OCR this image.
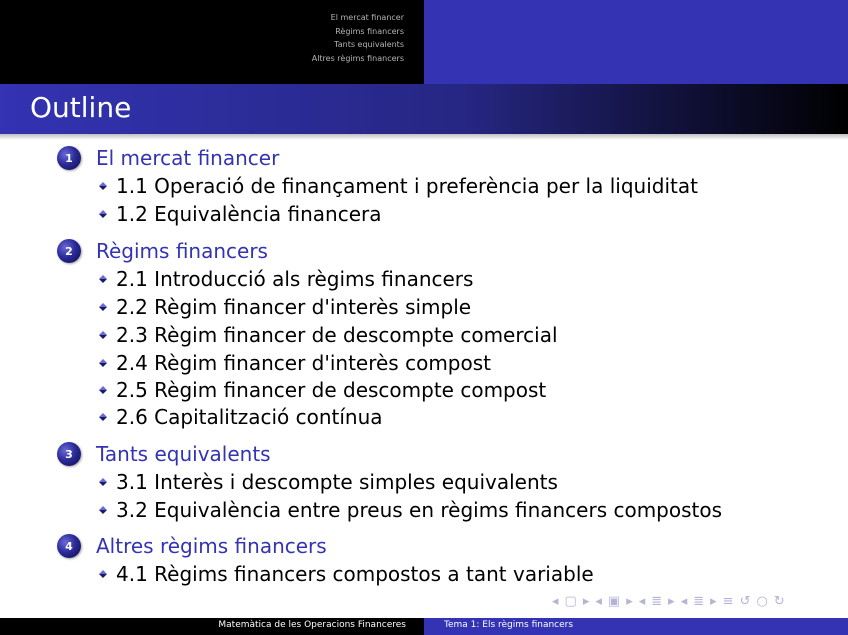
El mercat financer
Règims financers
Tants equivalents
Altres règims financers
Outline
1	El mercat financer
1.1 Operació de finançament i preferència per la liquiditat
1.2 Equivalència financera
2	Règims financers
2.1 Introducció als règims financers
2.2 Règim financer d'interès simple
2.3 Règim financer de descompte comercial
2.4 Règim financer d'interès compost
2.5 Règim financer de descompte compost
2.6 Capitalització contínua
3	Tants equivalents
3.1 Interès i descompte simples equivalents
3.2 Equivalència entre preus en règims financers compostos
4	Altres règims financers
4.1 Règims financers compostos a tant variable
◂ ▢ ▸ ◂ ▣ ▸ ◂ ≣ ▸ ◂ ≣ ▸ ≡ ↺ ○ ↻
Matemàtica de les Operacions Financeres	Tema 1: Els règims financers
